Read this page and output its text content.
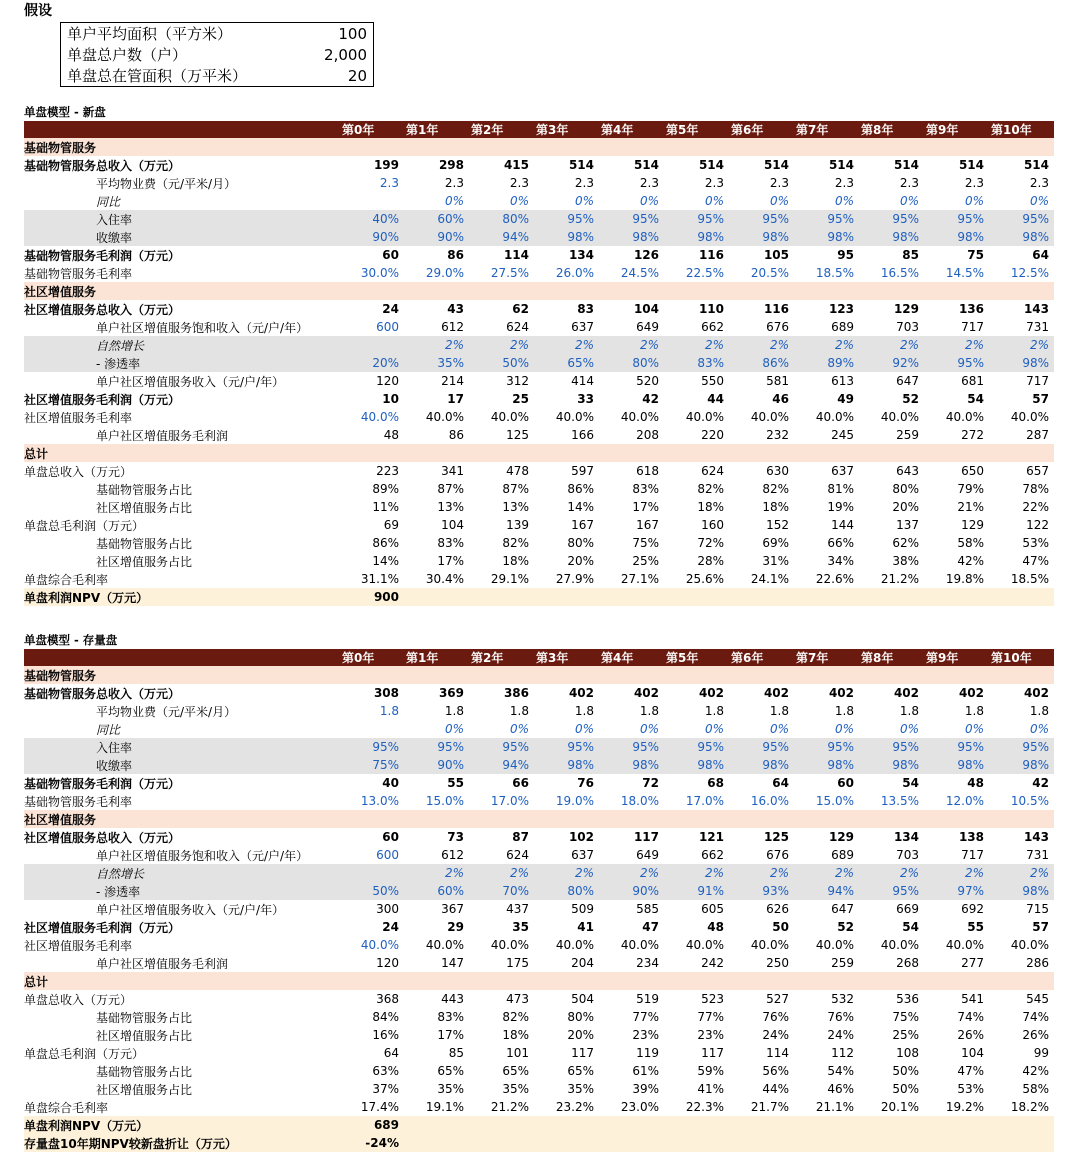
假设
单户平均面积（平方米）	100
单盘总户数（户）	2,000
单盘总在管面积（万平米）	20
单盘模型 - 新盘
	第0年	第1年	第2年	第3年	第4年	第5年	第6年	第7年	第8年	第9年	第10年
基础物管服务											
基础物管服务总收入（万元）	199	298	415	514	514	514	514	514	514	514	514
平均物业费（元/平米/月）	2.3	2.3	2.3	2.3	2.3	2.3	2.3	2.3	2.3	2.3	2.3
同比		0%	0%	0%	0%	0%	0%	0%	0%	0%	0%
入住率	40%	60%	80%	95%	95%	95%	95%	95%	95%	95%	95%
收缴率	90%	90%	94%	98%	98%	98%	98%	98%	98%	98%	98%
基础物管服务毛利润（万元）	60	86	114	134	126	116	105	95	85	75	64
基础物管服务毛利率	30.0%	29.0%	27.5%	26.0%	24.5%	22.5%	20.5%	18.5%	16.5%	14.5%	12.5%
社区增值服务											
社区增值服务总收入（万元）	24	43	62	83	104	110	116	123	129	136	143
单户社区增值服务饱和收入（元/户/年）	600	612	624	637	649	662	676	689	703	717	731
自然增长		2%	2%	2%	2%	2%	2%	2%	2%	2%	2%
- 渗透率	20%	35%	50%	65%	80%	83%	86%	89%	92%	95%	98%
单户社区增值服务收入（元/户/年）	120	214	312	414	520	550	581	613	647	681	717
社区增值服务毛利润（万元）	10	17	25	33	42	44	46	49	52	54	57
社区增值服务毛利率	40.0%	40.0%	40.0%	40.0%	40.0%	40.0%	40.0%	40.0%	40.0%	40.0%	40.0%
单户社区增值服务毛利润	48	86	125	166	208	220	232	245	259	272	287
总计											
单盘总收入（万元）	223	341	478	597	618	624	630	637	643	650	657
基础物管服务占比	89%	87%	87%	86%	83%	82%	82%	81%	80%	79%	78%
社区增值服务占比	11%	13%	13%	14%	17%	18%	18%	19%	20%	21%	22%
单盘总毛利润（万元）	69	104	139	167	167	160	152	144	137	129	122
基础物管服务占比	86%	83%	82%	80%	75%	72%	69%	66%	62%	58%	53%
社区增值服务占比	14%	17%	18%	20%	25%	28%	31%	34%	38%	42%	47%
单盘综合毛利率	31.1%	30.4%	29.1%	27.9%	27.1%	25.6%	24.1%	22.6%	21.2%	19.8%	18.5%
单盘利润NPV（万元）	900										
单盘模型 - 存量盘
	第0年	第1年	第2年	第3年	第4年	第5年	第6年	第7年	第8年	第9年	第10年
基础物管服务											
基础物管服务总收入（万元）	308	369	386	402	402	402	402	402	402	402	402
平均物业费（元/平米/月）	1.8	1.8	1.8	1.8	1.8	1.8	1.8	1.8	1.8	1.8	1.8
同比		0%	0%	0%	0%	0%	0%	0%	0%	0%	0%
入住率	95%	95%	95%	95%	95%	95%	95%	95%	95%	95%	95%
收缴率	75%	90%	94%	98%	98%	98%	98%	98%	98%	98%	98%
基础物管服务毛利润（万元）	40	55	66	76	72	68	64	60	54	48	42
基础物管服务毛利率	13.0%	15.0%	17.0%	19.0%	18.0%	17.0%	16.0%	15.0%	13.5%	12.0%	10.5%
社区增值服务											
社区增值服务总收入（万元）	60	73	87	102	117	121	125	129	134	138	143
单户社区增值服务饱和收入（元/户/年）	600	612	624	637	649	662	676	689	703	717	731
自然增长		2%	2%	2%	2%	2%	2%	2%	2%	2%	2%
- 渗透率	50%	60%	70%	80%	90%	91%	93%	94%	95%	97%	98%
单户社区增值服务收入（元/户/年）	300	367	437	509	585	605	626	647	669	692	715
社区增值服务毛利润（万元）	24	29	35	41	47	48	50	52	54	55	57
社区增值服务毛利率	40.0%	40.0%	40.0%	40.0%	40.0%	40.0%	40.0%	40.0%	40.0%	40.0%	40.0%
单户社区增值服务毛利润	120	147	175	204	234	242	250	259	268	277	286
总计											
单盘总收入（万元）	368	443	473	504	519	523	527	532	536	541	545
基础物管服务占比	84%	83%	82%	80%	77%	77%	76%	76%	75%	74%	74%
社区增值服务占比	16%	17%	18%	20%	23%	23%	24%	24%	25%	26%	26%
单盘总毛利润（万元）	64	85	101	117	119	117	114	112	108	104	99
基础物管服务占比	63%	65%	65%	65%	61%	59%	56%	54%	50%	47%	42%
社区增值服务占比	37%	35%	35%	35%	39%	41%	44%	46%	50%	53%	58%
单盘综合毛利率	17.4%	19.1%	21.2%	23.2%	23.0%	22.3%	21.7%	21.1%	20.1%	19.2%	18.2%
单盘利润NPV（万元）	689										
存量盘10年期NPV较新盘折让（万元）	-24%										
